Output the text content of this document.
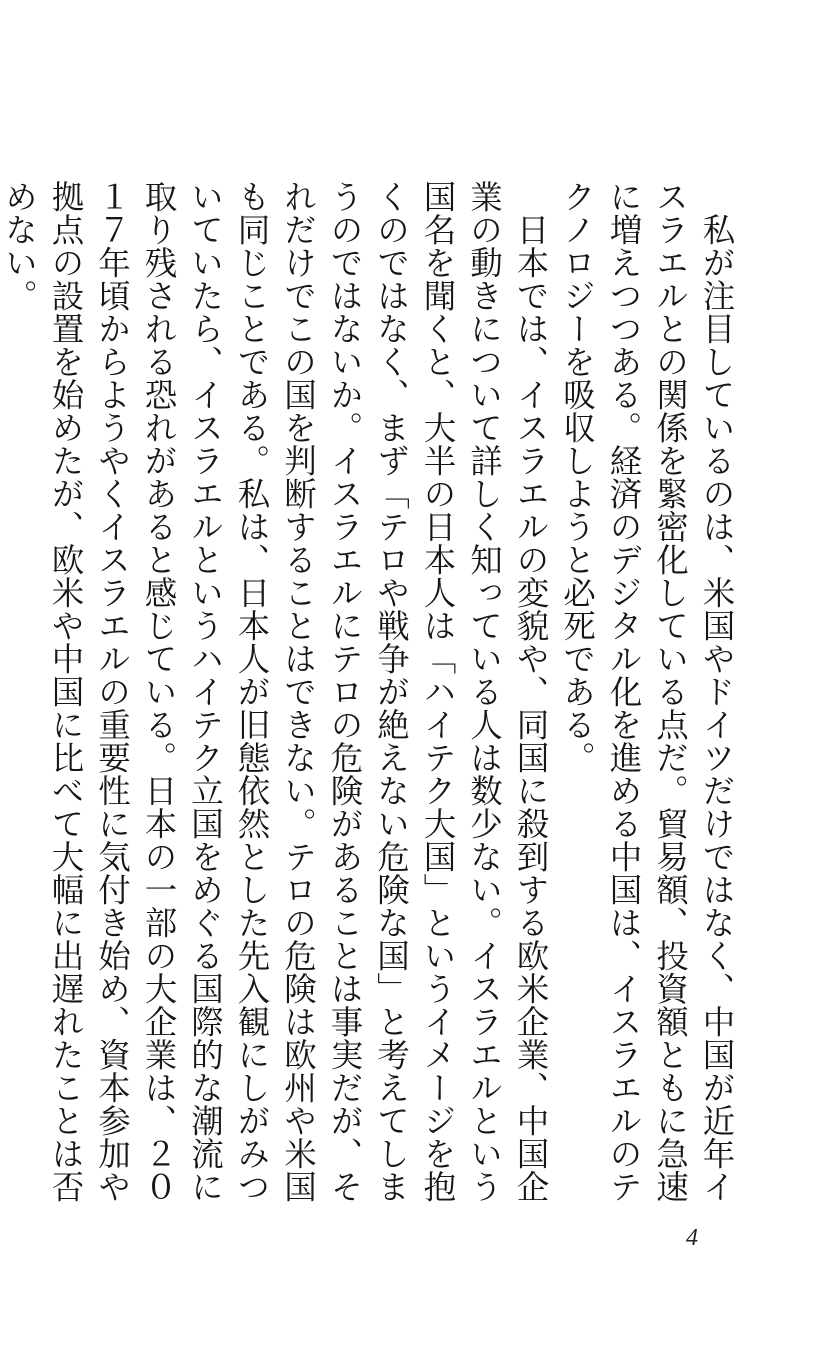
　私が注目しているのは、米国やドイツだけではなく、中国が近年イスラエルとの関係を緊密化している点だ。貿易額、投資額ともに急速に増えつつある。経済のデジタル化を進める中国は、イスラエルのテクノロジーを吸収しようと必死である。

　日本では、イスラエルの変貌や、同国に殺到する欧米企業、中国企業の動きについて詳しく知っている人は数少ない。イスラエルという国名を聞くと、大半の日本人は「ハイテク大国」というイメージを抱くのではなく、まず「テロや戦争が絶えない危険な国」と考えてしまうのではないか。イスラエルにテロの危険があることは事実だが、それだけでこの国を判断することはできない。テロの危険は欧州や米国も同じことである。私は、日本人が旧態依然とした先入観にしがみついていたら、イスラエルというハイテク立国をめぐる国際的な潮流に取り残される恐れがあると感じている。日本の一部の大企業は、２０１７年頃からようやくイスラエルの重要性に気付き始め、資本参加や拠点の設置を始めたが、欧米や中国に比べて大幅に出遅れたことは否めない。

4
